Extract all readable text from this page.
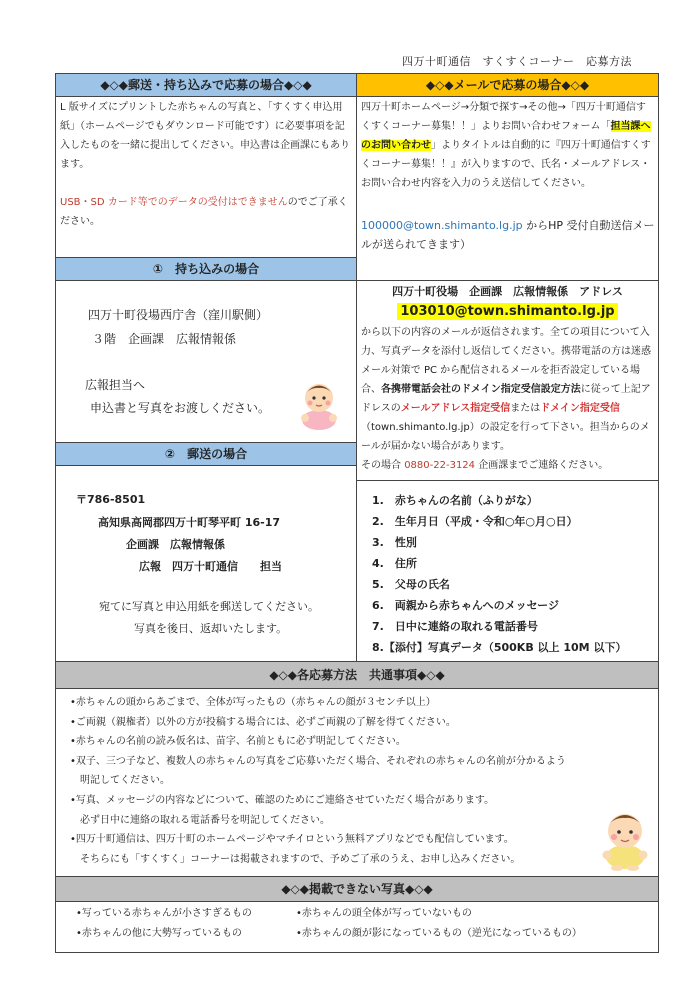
四万十町通信　すくすくコーナー　応募方法
◆◇◆郵送・持ち込みで応募の場合◆◇◆	◆◇◆メールで応募の場合◆◇◆
L 版サイズにプリントした赤ちゃんの写真と、「すくすく申込用紙」（ホームページでもダウンロード可能です）に必要事項を記入したものを一緒に提出してください。申込書は企画課にもあります。

USB・SD カード等でのデータの受付はできませんのでご了承ください。
四万十町ホームページ→分類で探す→その他→「四万十町通信すくすくコーナー募集！！」よりお問い合わせフォーム「担当課へのお問い合わせ」よりタイトルは自動的に『四万十町通信すくすくコーナー募集！！』が入りますので、氏名・メールアドレス・お問い合わせ内容を入力のうえ送信してください。
100000@town.shimanto.lg.jp からHP 受付自動送信メールが送られてきます）
①　持ち込みの場合
四万十町役場西庁舎（窪川駅側）
３階　企画課　広報情報係
広報担当へ
申込書と写真をお渡しください。
四万十町役場　企画課　広報情報係　アドレス
103010@town.shimanto.lg.jp
から以下の内容のメールが返信されます。全ての項目について入力、写真データを添付し返信してください。携帯電話の方は迷惑メール対策で PC から配信されるメールを拒否設定している場合、各携帯電話会社のドメイン指定受信設定方法に従って上記アドレスのメールアドレス指定受信またはドメイン指定受信（town.shimanto.lg.jp）の設定を行って下さい。担当からのメールが届かない場合があります。
その場合 0880-22-3124 企画課までご連絡ください。
②　郵送の場合
〒786-8501
高知県高岡郡四万十町琴平町 16-17
企画課　広報情報係
広報　四万十町通信　　担当
宛てに写真と申込用紙を郵送してください。
写真を後日、返却いたします。
1.　赤ちゃんの名前（ふりがな）
2.　生年月日（平成・令和○年○月○日）
3.　性別
4.　住所
5.　父母の氏名
6.　両親から赤ちゃんへのメッセージ
7.　日中に連絡の取れる電話番号
8.【添付】写真データ（500KB 以上 10M 以下）
◆◇◆各応募方法　共通事項◆◇◆
•赤ちゃんの頭からあごまで、全体が写ったもの（赤ちゃんの顔が３センチ以上）
•ご両親（親権者）以外の方が投稿する場合には、必ずご両親の了解を得てください。
•赤ちゃんの名前の読み仮名は、苗字、名前ともに必ず明記してください。
•双子、三つ子など、複数人の赤ちゃんの写真をご応募いただく場合、それぞれの赤ちゃんの名前が分かるよう
　明記してください。
•写真、メッセージの内容などについて、確認のためにご連絡させていただく場合があります。
　必ず日中に連絡の取れる電話番号を明記してください。
•四万十町通信は、四万十町のホームページやマチイロという無料アプリなどでも配信しています。
　そちらにも「すくすく」コーナーは掲載されますので、予めご了承のうえ、お申し込みください。
◆◇◆掲載できない写真◆◇◆
•写っている赤ちゃんが小さすぎるもの
•赤ちゃんの他に大勢写っているもの
•赤ちゃんの頭全体が写っていないもの
•赤ちゃんの顔が影になっているもの（逆光になっているもの）
